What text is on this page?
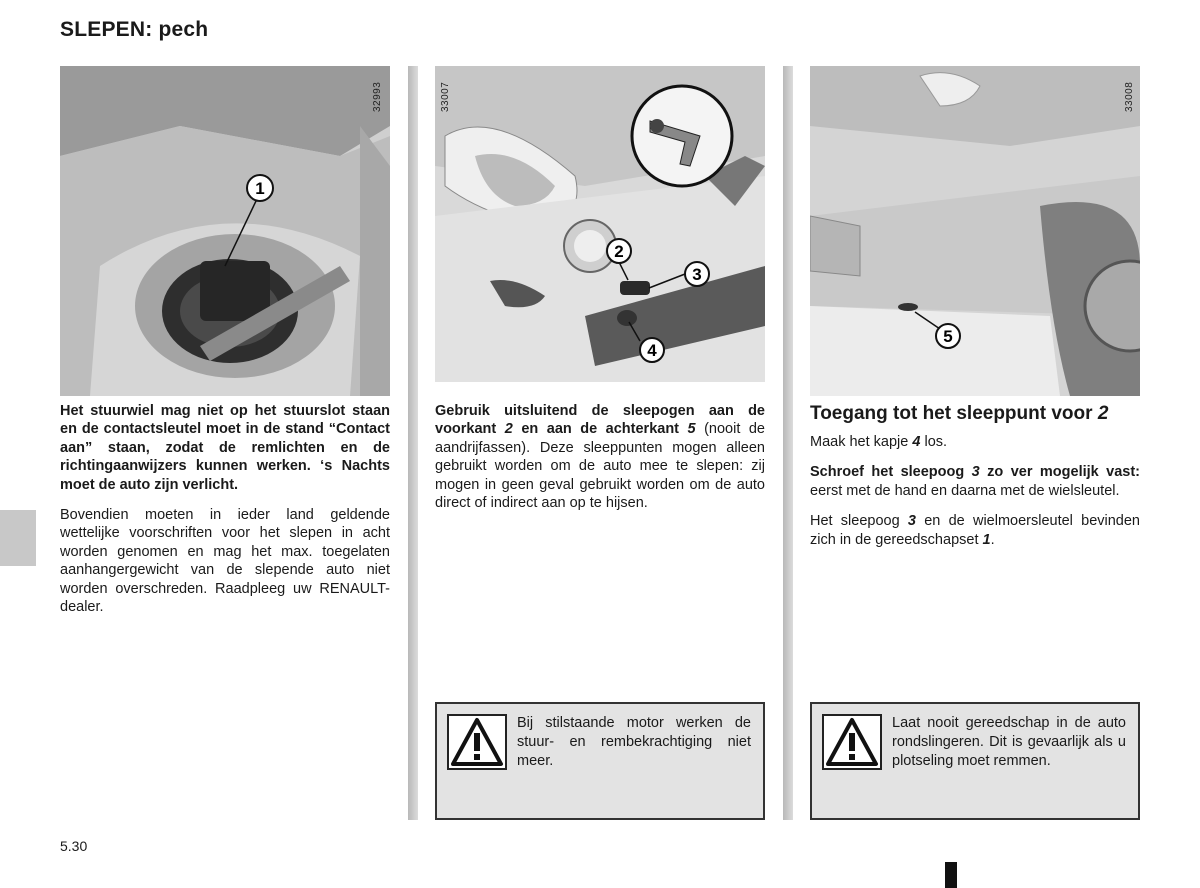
SLEPEN: pech
1
32993
2
3
4
33007
5
33008

Het stuurwiel mag niet op het stuurslot staan en de contactsleutel moet in de stand “Contact aan” staan, zodat de remlichten en de richtingaanwijzers kunnen werken. ‘s Nachts moet de auto zijn verlicht.

Bovendien moeten in ieder land geldende wettelijke voorschriften voor het slepen in acht worden genomen en mag het max. toegelaten aanhangergewicht van de slepende auto niet worden overschreden. Raadpleeg uw RENAULT-dealer.

Gebruik uitsluitend de sleepogen aan de voorkant 2 en aan de achterkant 5 (nooit de aandrijfassen). Deze sleeppunten mogen alleen gebruikt worden om de auto mee te slepen: zij mogen in geen geval gebruikt worden om de auto direct of indirect aan op te hijsen.

Toegang tot het sleeppunt voor 2

Maak het kapje 4 los.

Schroef het sleepoog 3 zo ver mogelijk vast: eerst met de hand en daarna met de wielsleutel.

Het sleepoog 3 en de wielmoersleutel bevinden zich in de gereedschapset 1.

Bij stilstaande motor werken de stuur- en rembekrachtiging niet meer.
Laat nooit gereedschap in de auto rondslingeren. Dit is gevaarlijk als u plotseling moet remmen.
5.30
